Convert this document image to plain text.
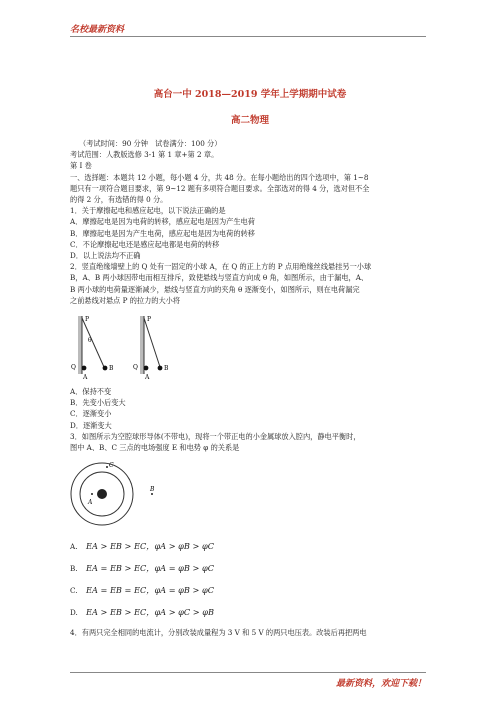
名校最新资料
高台一中 2018—2019 学年上学期期中试卷
高二物理
（考试时间：90 分钟　试卷满分：100 分）
考试范围：人教版选修 3-1 第 1 章+第 2 章。
第 I 卷
一、选择题：本题共 12 小题，每小题 4 分，共 48 分。在每小题给出的四个选项中，第 1~8
题只有一项符合题目要求，第 9~12 题有多项符合题目要求。全部选对的得 4 分，选对但不全
的得 2 分，有选错的得 0 分。
1．关于摩擦起电和感应起电，以下说法正确的是
A．摩擦起电是因为电荷的转移，感应起电是因为产生电荷
B．摩擦起电是因为产生电荷，感应起电是因为电荷的转移
C．不论摩擦起电还是感应起电都是电荷的转移
D．以上说法均不正确
2．竖直绝缘墙壁上的 Q 处有一固定的小球 A，在 Q 的正上方的 P 点用绝缘丝线悬挂另一小球
B，A、B 两小球因带电而相互排斥，致使悬线与竖直方向成 θ 角，如图所示，由于漏电，A、
B 两小球的电荷量逐渐减少，悬线与竖直方向的夹角 θ 逐渐变小，如图所示，则在电荷漏完
之前悬线对悬点 P 的拉力的大小将
P
Q
A
B
θ
P
Q
A
B
A．保持不变
B．先变小后变大
C．逐渐变小
D．逐渐变大
3．如图所示为空腔球形导体(不带电)，现将一个带正电的小金属球放入腔内，静电平衡时，
图中 A、B、C 三点的电场强度 E 和电势 φ 的关系是
A
C
B
A.	EA > EB > EC，φA > φB > φC
B.	EA = EB > EC，φA = φB > φC
C.	EA = EB = EC，φA = φB > φC
D.	EA > EB > EC，φA > φC > φB
4．有两只完全相同的电流计，分别改装成量程为 3 V 和 5 V 的两只电压表。改装后再把两电
最新资料，欢迎下载！
